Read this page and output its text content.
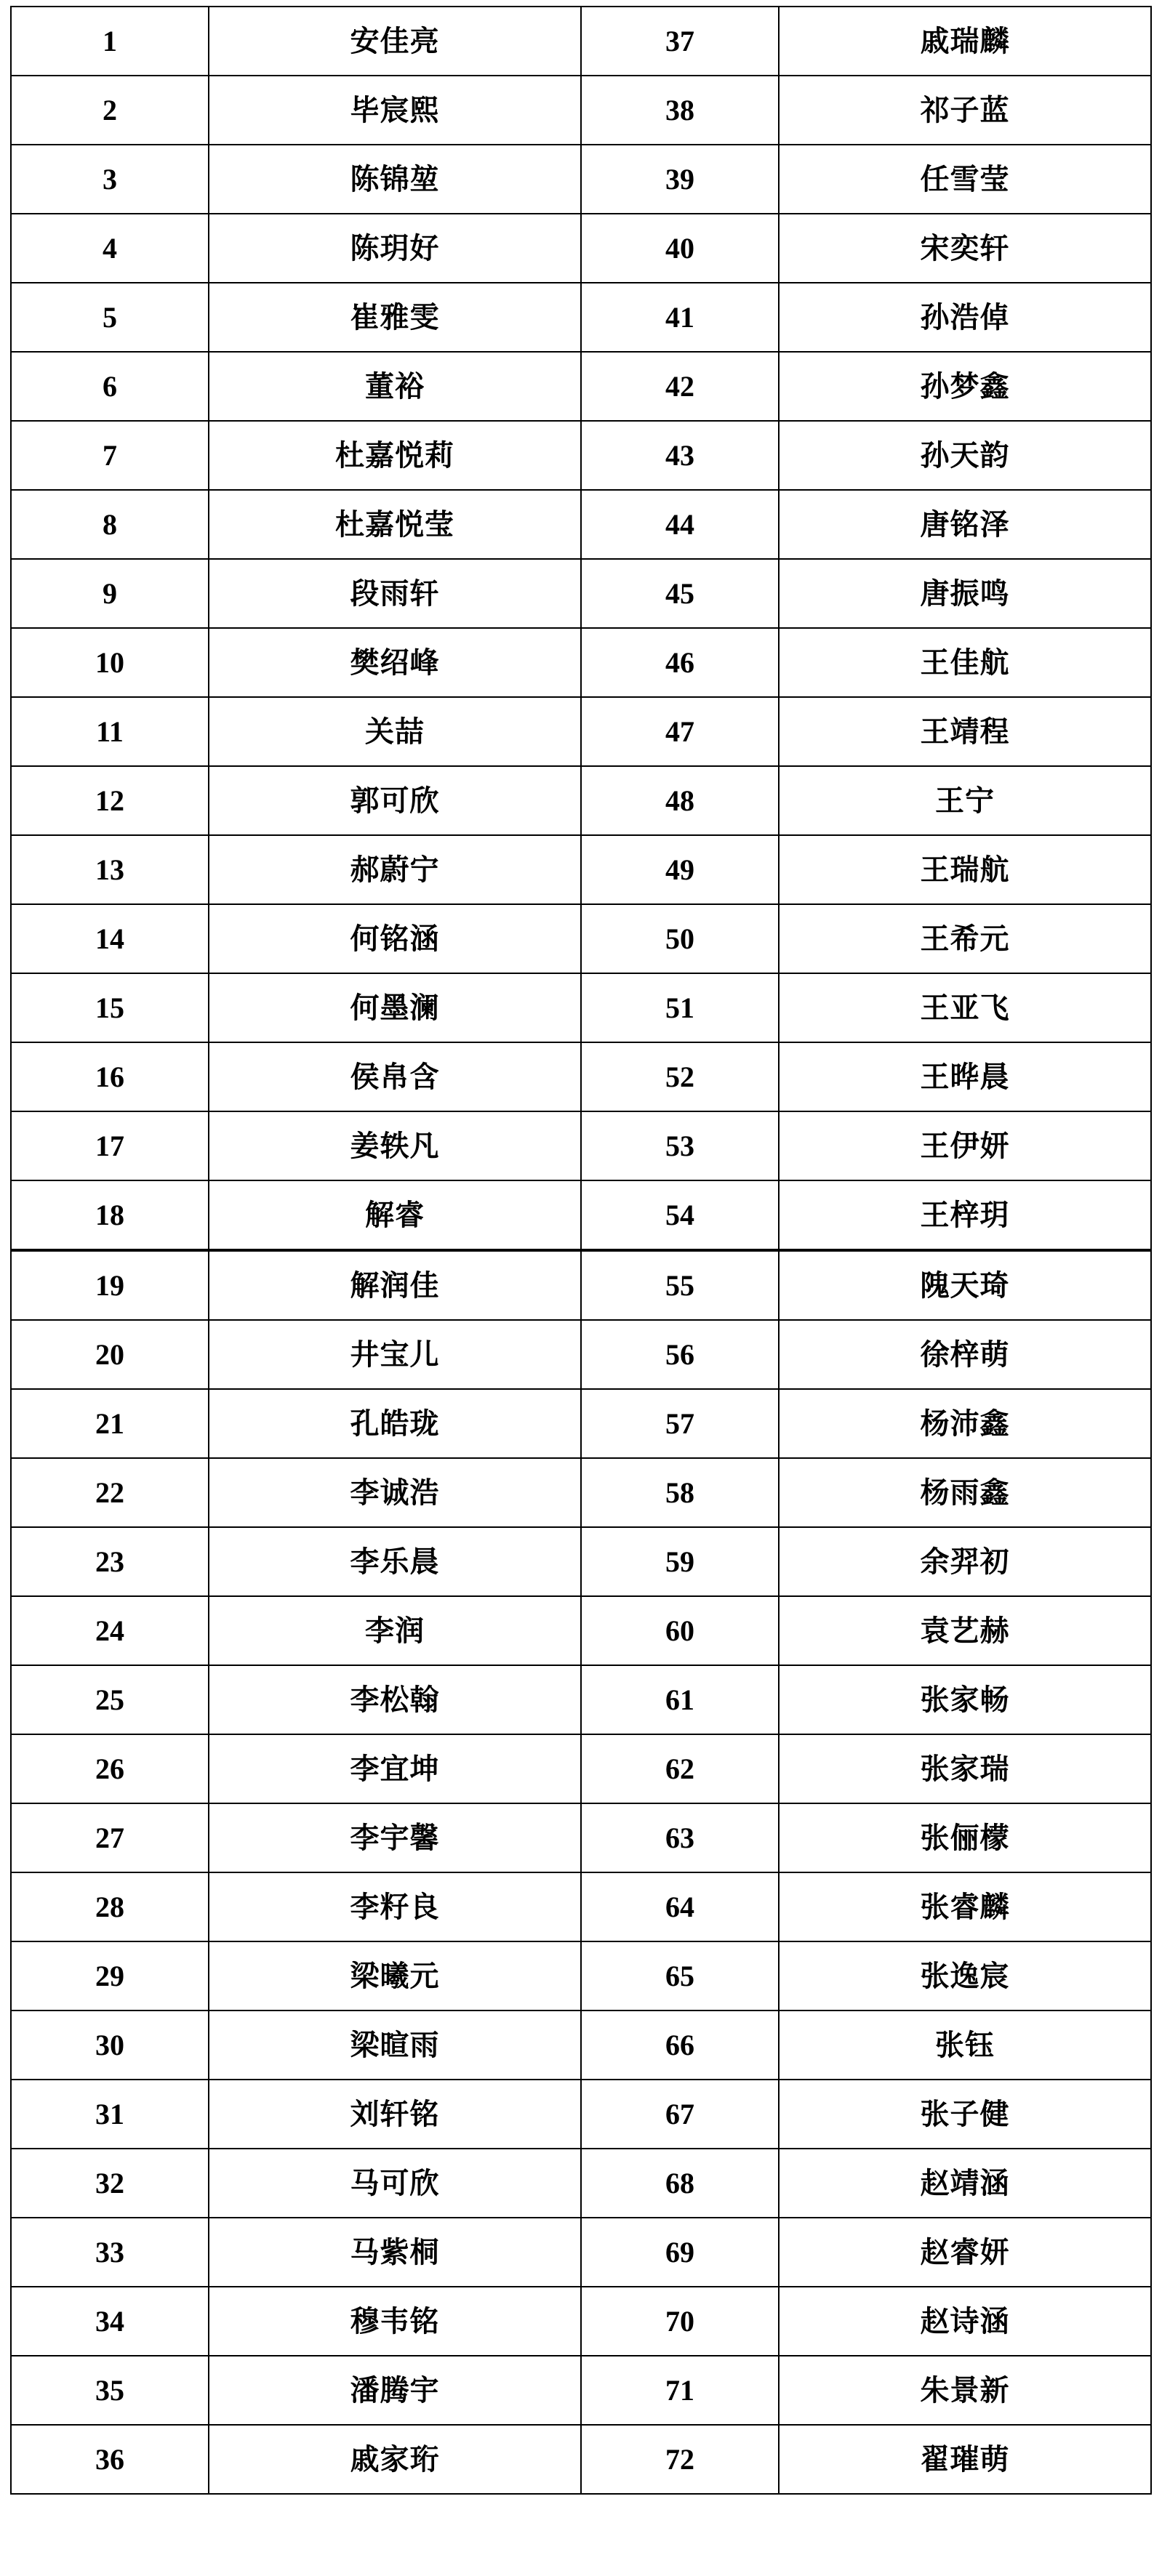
1	安佳亮	37	戚瑞麟
2	毕宸熙	38	祁子蓝
3	陈锦堃	39	任雪莹
4	陈玥好	40	宋奕轩
5	崔雅雯	41	孙浩倬
6	董裕	42	孙梦鑫
7	杜嘉悦莉	43	孙天韵
8	杜嘉悦莹	44	唐铭泽
9	段雨轩	45	唐振鸣
10	樊绍峰	46	王佳航
11	关喆	47	王靖程
12	郭可欣	48	王宁
13	郝蔚宁	49	王瑞航
14	何铭涵	50	王希元
15	何墨澜	51	王亚飞
16	侯帛含	52	王晔晨
17	姜轶凡	53	王伊妍
18	解睿	54	王梓玥
19	解润佳	55	隗天琦
20	井宝儿	56	徐梓萌
21	孔皓珑	57	杨沛鑫
22	李诚浩	58	杨雨鑫
23	李乐晨	59	余羿初
24	李润	60	袁艺赫
25	李松翰	61	张家畅
26	李宜坤	62	张家瑞
27	李宇馨	63	张俪檬
28	李籽良	64	张睿麟
29	梁曦元	65	张逸宸
30	梁暄雨	66	张钰
31	刘轩铭	67	张子健
32	马可欣	68	赵靖涵
33	马紫桐	69	赵睿妍
34	穆韦铭	70	赵诗涵
35	潘腾宇	71	朱景新
36	戚家珩	72	翟璀萌
